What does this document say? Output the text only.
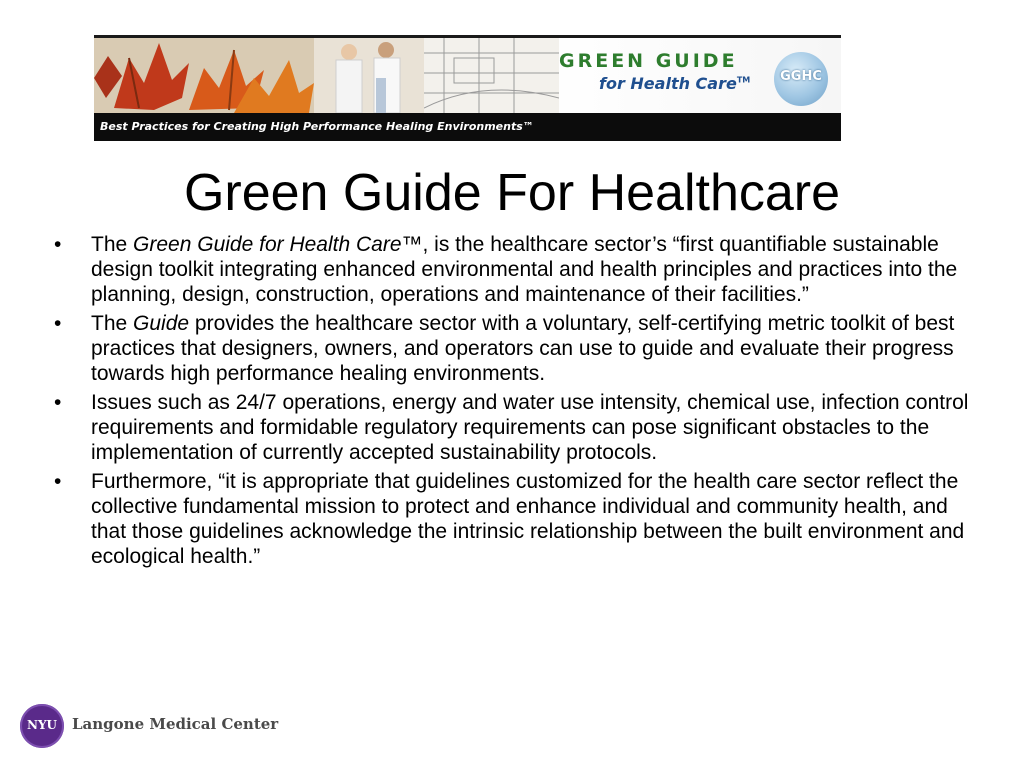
GREEN GUIDE
for Health Care™	GGHC
Best Practices for Creating High Performance Healing Environments™
Green Guide For Healthcare
•	The Green Guide for Health Care™, is the healthcare sector’s “first quantifiable sustainable design toolkit integrating enhanced environmental and health principles and practices into the planning, design, construction, operations and maintenance of their facilities.”
•	The Guide provides the healthcare sector with a voluntary, self-certifying metric toolkit of best practices that designers, owners, and operators can use to guide and evaluate their progress towards high performance healing environments.
•	Issues such as 24/7 operations, energy and water use intensity, chemical use, infection control requirements and formidable regulatory requirements can pose significant obstacles to the implementation of currently accepted sustainability protocols.
•	Furthermore, “it is appropriate that guidelines customized for the health care sector reflect the collective fundamental mission to protect and enhance individual and community health, and that those guidelines acknowledge the intrinsic relationship between the built environment and ecological health.”
NYU	Langone Medical Center
